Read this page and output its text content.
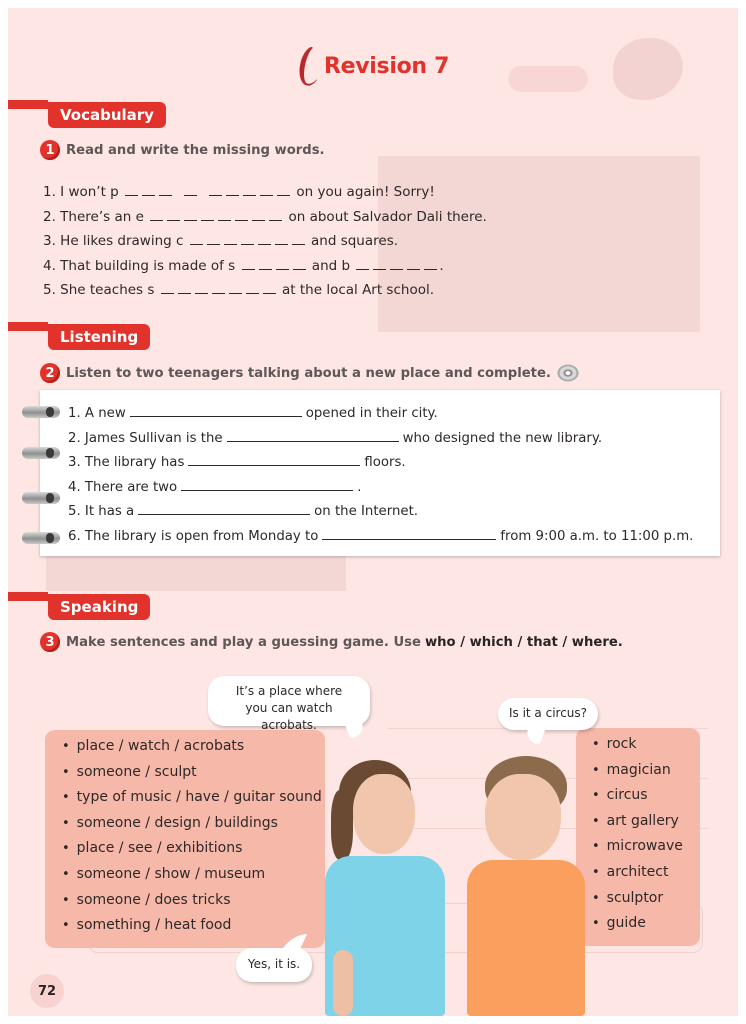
Revision 7
Vocabulary
1 Read and write the missing words.
1. I won’t p	on you again! Sorry!
2. There’s an e	on about Salvador Dali there.
3. He likes drawing c	and squares.
4. That building is made of s	and b	.
5. She teaches s	at the local Art school.
Listening
2 Listen to two teenagers talking about a new place and complete.
1. A new	opened in their city.
2. James Sullivan is the	who designed the new library.
3. The library has	floors.
4. There are two	.
5. It has a	on the Internet.
6. The library is open from Monday to	from 9:00 a.m. to 11:00 p.m.
Speaking
3 Make sentences and play a guessing game. Use who / which / that / where.
• place / watch / acrobats
• someone / sculpt
• type of music / have / guitar sound
• someone / design / buildings
• place / see / exhibitions
• someone / show / museum
• someone / does tricks
• something / heat food
• rock
• magician
• circus
• art gallery
• microwave
• architect
• sculptor
• guide
It’s a place where you can watch acrobats.
Is it a circus?
Yes, it is.
72
